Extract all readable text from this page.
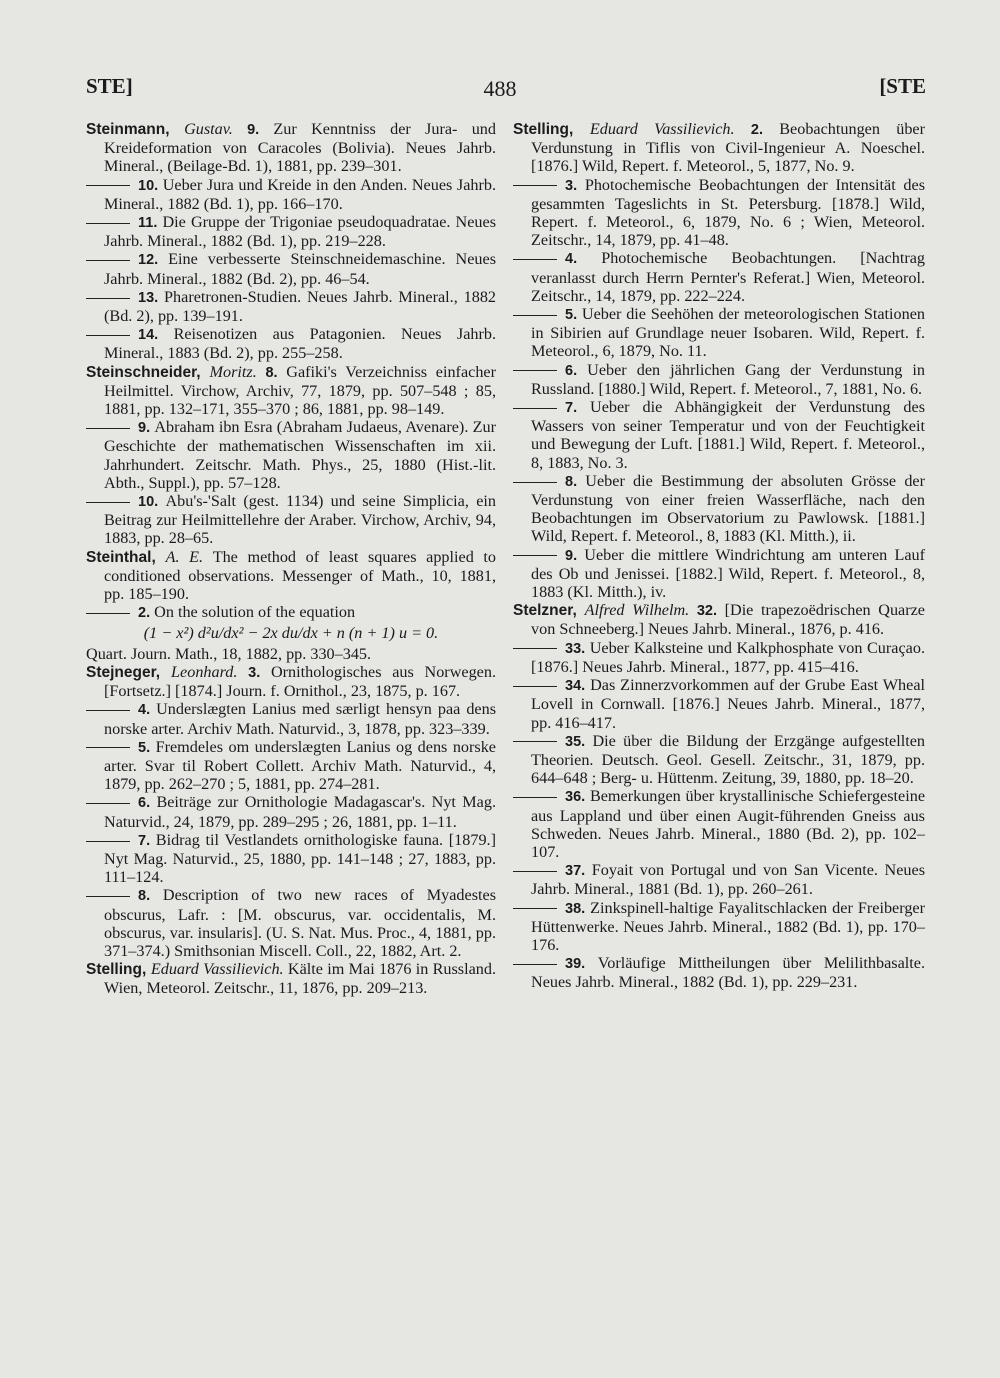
STE]	488	[STE
Steinmann, Gustav. 9. Zur Kenntniss der Jura- und Kreideformation von Caracoles (Bolivia). Neues Jahrb. Mineral., (Beilage-Bd. 1), 1881, pp. 239–301.
10. Ueber Jura und Kreide in den Anden. Neues Jahrb. Mineral., 1882 (Bd. 1), pp. 166–170.
11. Die Gruppe der Trigoniae pseudoquadratae. Neues Jahrb. Mineral., 1882 (Bd. 1), pp. 219–228.
12. Eine verbesserte Steinschneidemaschine. Neues Jahrb. Mineral., 1882 (Bd. 2), pp. 46–54.
13. Pharetronen-Studien. Neues Jahrb. Mineral., 1882 (Bd. 2), pp. 139–191.
14. Reisenotizen aus Patagonien. Neues Jahrb. Mineral., 1883 (Bd. 2), pp. 255–258.
Steinschneider, Moritz. 8. Gafiki's Verzeichniss einfacher Heilmittel. Virchow, Archiv, 77, 1879, pp. 507–548 ; 85, 1881, pp. 132–171, 355–370 ; 86, 1881, pp. 98–149.
9. Abraham ibn Esra (Abraham Judaeus, Avenare). Zur Geschichte der mathematischen Wissenschaften im xii. Jahrhundert. Zeitschr. Math. Phys., 25, 1880 (Hist.-lit. Abth., Suppl.), pp. 57–128.
10. Abu's-'Salt (gest. 1134) und seine Simplicia, ein Beitrag zur Heilmittellehre der Araber. Virchow, Archiv, 94, 1883, pp. 28–65.
Steinthal, A. E. The method of least squares applied to conditioned observations. Messenger of Math., 10, 1881, pp. 185–190.
2. On the solution of the equation
(1 − x²) d²u/dx² − 2x du/dx + n (n + 1) u = 0.
Quart. Journ. Math., 18, 1882, pp. 330–345.
Stejneger, Leonhard. 3. Ornithologisches aus Norwegen. [Fortsetz.] [1874.] Journ. f. Ornithol., 23, 1875, p. 167.
4. Underslægten Lanius med særligt hensyn paa dens norske arter. Archiv Math. Naturvid., 3, 1878, pp. 323–339.
5. Fremdeles om underslægten Lanius og dens norske arter. Svar til Robert Collett. Archiv Math. Naturvid., 4, 1879, pp. 262–270 ; 5, 1881, pp. 274–281.
6. Beiträge zur Ornithologie Madagascar's. Nyt Mag. Naturvid., 24, 1879, pp. 289–295 ; 26, 1881, pp. 1–11.
7. Bidrag til Vestlandets ornithologiske fauna. [1879.] Nyt Mag. Naturvid., 25, 1880, pp. 141–148 ; 27, 1883, pp. 111–124.
8. Description of two new races of Myadestes obscurus, Lafr. : [M. obscurus, var. occidentalis, M. obscurus, var. insularis]. (U. S. Nat. Mus. Proc., 4, 1881, pp. 371–374.) Smithsonian Miscell. Coll., 22, 1882, Art. 2.
Stelling, Eduard Vassilievich. Kälte im Mai 1876 in Russland. Wien, Meteorol. Zeitschr., 11, 1876, pp. 209–213.
Stelling, Eduard Vassilievich. 2. Beobachtungen über Verdunstung in Tiflis von Civil-Ingenieur A. Noeschel. [1876.] Wild, Repert. f. Meteorol., 5, 1877, No. 9.
3. Photochemische Beobachtungen der Intensität des gesammten Tageslichts in St. Petersburg. [1878.] Wild, Repert. f. Meteorol., 6, 1879, No. 6 ; Wien, Meteorol. Zeitschr., 14, 1879, pp. 41–48.
4. Photochemische Beobachtungen. [Nachtrag veranlasst durch Herrn Pernter's Referat.] Wien, Meteorol. Zeitschr., 14, 1879, pp. 222–224.
5. Ueber die Seehöhen der meteorologischen Stationen in Sibirien auf Grundlage neuer Isobaren. Wild, Repert. f. Meteorol., 6, 1879, No. 11.
6. Ueber den jährlichen Gang der Verdunstung in Russland. [1880.] Wild, Repert. f. Meteorol., 7, 1881, No. 6.
7. Ueber die Abhängigkeit der Verdunstung des Wassers von seiner Temperatur und von der Feuchtigkeit und Bewegung der Luft. [1881.] Wild, Repert. f. Meteorol., 8, 1883, No. 3.
8. Ueber die Bestimmung der absoluten Grösse der Verdunstung von einer freien Wasserfläche, nach den Beobachtungen im Observatorium zu Pawlowsk. [1881.] Wild, Repert. f. Meteorol., 8, 1883 (Kl. Mitth.), ii.
9. Ueber die mittlere Windrichtung am unteren Lauf des Ob und Jenissei. [1882.] Wild, Repert. f. Meteorol., 8, 1883 (Kl. Mitth.), iv.
Stelzner, Alfred Wilhelm. 32. [Die trapezoëdrischen Quarze von Schneeberg.] Neues Jahrb. Mineral., 1876, p. 416.
33. Ueber Kalksteine und Kalkphosphate von Curaçao. [1876.] Neues Jahrb. Mineral., 1877, pp. 415–416.
34. Das Zinnerzvorkommen auf der Grube East Wheal Lovell in Cornwall. [1876.] Neues Jahrb. Mineral., 1877, pp. 416–417.
35. Die über die Bildung der Erzgänge aufgestellten Theorien. Deutsch. Geol. Gesell. Zeitschr., 31, 1879, pp. 644–648 ; Berg- u. Hüttenm. Zeitung, 39, 1880, pp. 18–20.
36. Bemerkungen über krystallinische Schiefergesteine aus Lappland und über einen Augit-führenden Gneiss aus Schweden. Neues Jahrb. Mineral., 1880 (Bd. 2), pp. 102–107.
37. Foyait von Portugal und von San Vicente. Neues Jahrb. Mineral., 1881 (Bd. 1), pp. 260–261.
38. Zinkspinell-haltige Fayalitschlacken der Freiberger Hüttenwerke. Neues Jahrb. Mineral., 1882 (Bd. 1), pp. 170–176.
39. Vorläufige Mittheilungen über Melilithbasalte. Neues Jahrb. Mineral., 1882 (Bd. 1), pp. 229–231.
